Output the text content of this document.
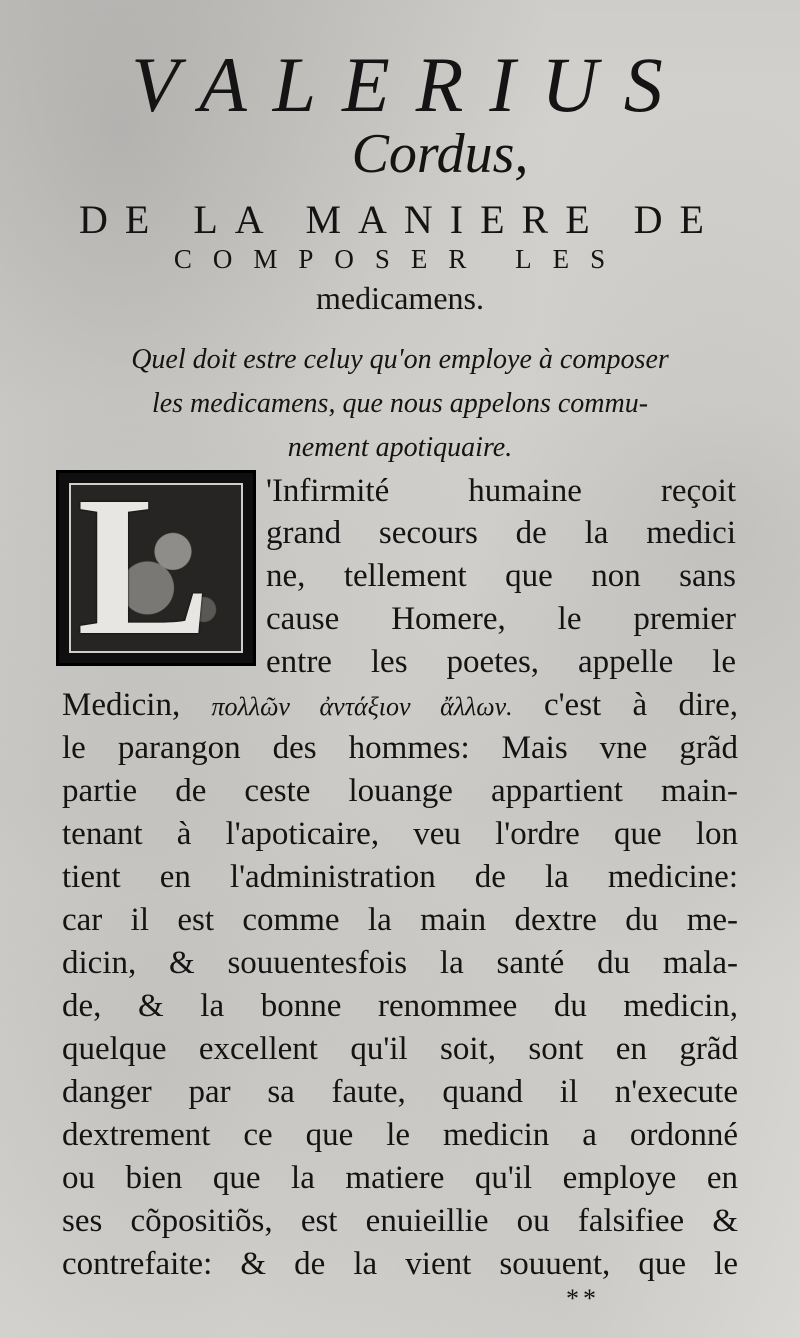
VALERIUS
Cordus,
DE LA MANIERE DE
COMPOSER LES
medicamens.
Quel doit estre celuy qu'on employe à composer
les medicamens, que nous appelons commu-
nement apotiquaire.
L 'Infirmité humaine reçoit
grand secours de la medici
ne, tellement que non sans
cause Homere, le premier
entre les poetes, appelle le
Medicin, πολλῶν ἀντάξιον ἄλλων. c'est à dire,
le parangon des hommes: Mais vne grãd
partie de ceste louange appartient main-
tenant à l'apoticaire, veu l'ordre que lon
tient en l'administration de la medicine:
car il est comme la main dextre du me-
dicin, & souuentesfois la santé du mala-
de, & la bonne renommee du medicin,
quelque excellent qu'il soit, sont en grãd
danger par sa faute, quand il n'execute
dextrement ce que le medicin a ordonné
ou bien que la matiere qu'il employe en
ses cõpositiõs, est enuieillie ou falsifiee &
contrefaite: & de la vient souuent, que le
**
